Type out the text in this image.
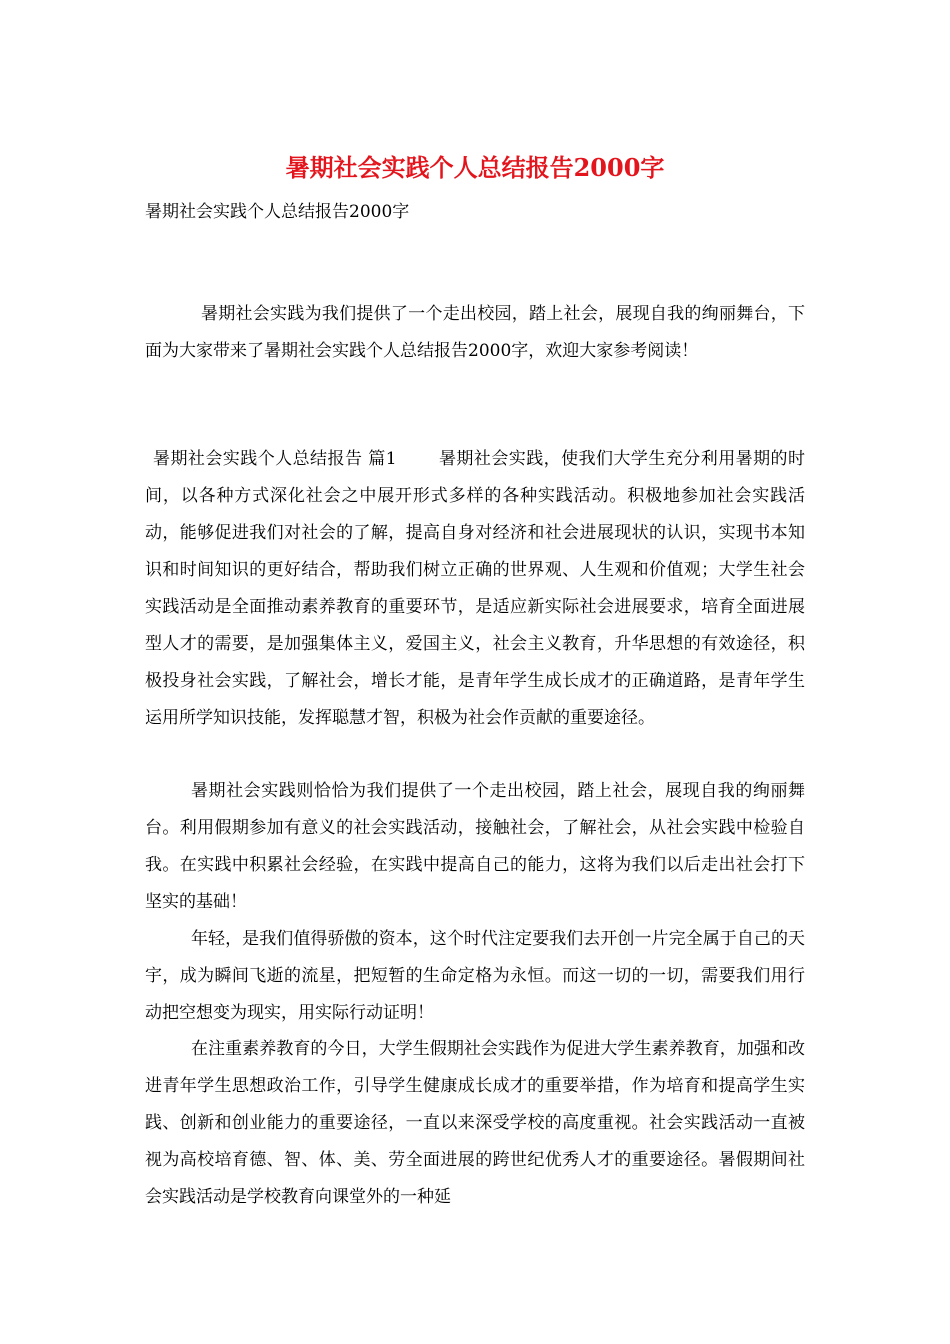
暑期社会实践个人总结报告2000字
暑期社会实践个人总结报告2000字
暑期社会实践为我们提供了一个走出校园，踏上社会，展现自我的绚丽舞台，下面为大家带来了暑期社会实践个人总结报告2000字，欢迎大家参考阅读！
暑期社会实践个人总结报告 篇1 暑期社会实践，使我们大学生充分利用暑期的时间，以各种方式深化社会之中展开形式多样的各种实践活动。积极地参加社会实践活动，能够促进我们对社会的了解，提高自身对经济和社会进展现状的认识，实现书本知识和时间知识的更好结合，帮助我们树立正确的世界观、人生观和价值观；大学生社会实践活动是全面推动素养教育的重要环节，是适应新实际社会进展要求，培育全面进展型人才的需要，是加强集体主义，爱国主义，社会主义教育，升华思想的有效途径，积极投身社会实践，了解社会，增长才能，是青年学生成长成才的正确道路，是青年学生运用所学知识技能，发挥聪慧才智，积极为社会作贡献的重要途径。
暑期社会实践则恰恰为我们提供了一个走出校园，踏上社会，展现自我的绚丽舞台。利用假期参加有意义的社会实践活动，接触社会，了解社会，从社会实践中检验自我。在实践中积累社会经验，在实践中提高自己的能力，这将为我们以后走出社会打下坚实的基础！
年轻，是我们值得骄傲的资本，这个时代注定要我们去开创一片完全属于自己的天宇，成为瞬间飞逝的流星，把短暂的生命定格为永恒。而这一切的一切，需要我们用行动把空想变为现实，用实际行动证明！
在注重素养教育的今日，大学生假期社会实践作为促进大学生素养教育，加强和改进青年学生思想政治工作，引导学生健康成长成才的重要举措，作为培育和提高学生实践、创新和创业能力的重要途径，一直以来深受学校的高度重视。社会实践活动一直被视为高校培育德、智、体、美、劳全面进展的跨世纪优秀人才的重要途径。暑假期间社会实践活动是学校教育向课堂外的一种延
